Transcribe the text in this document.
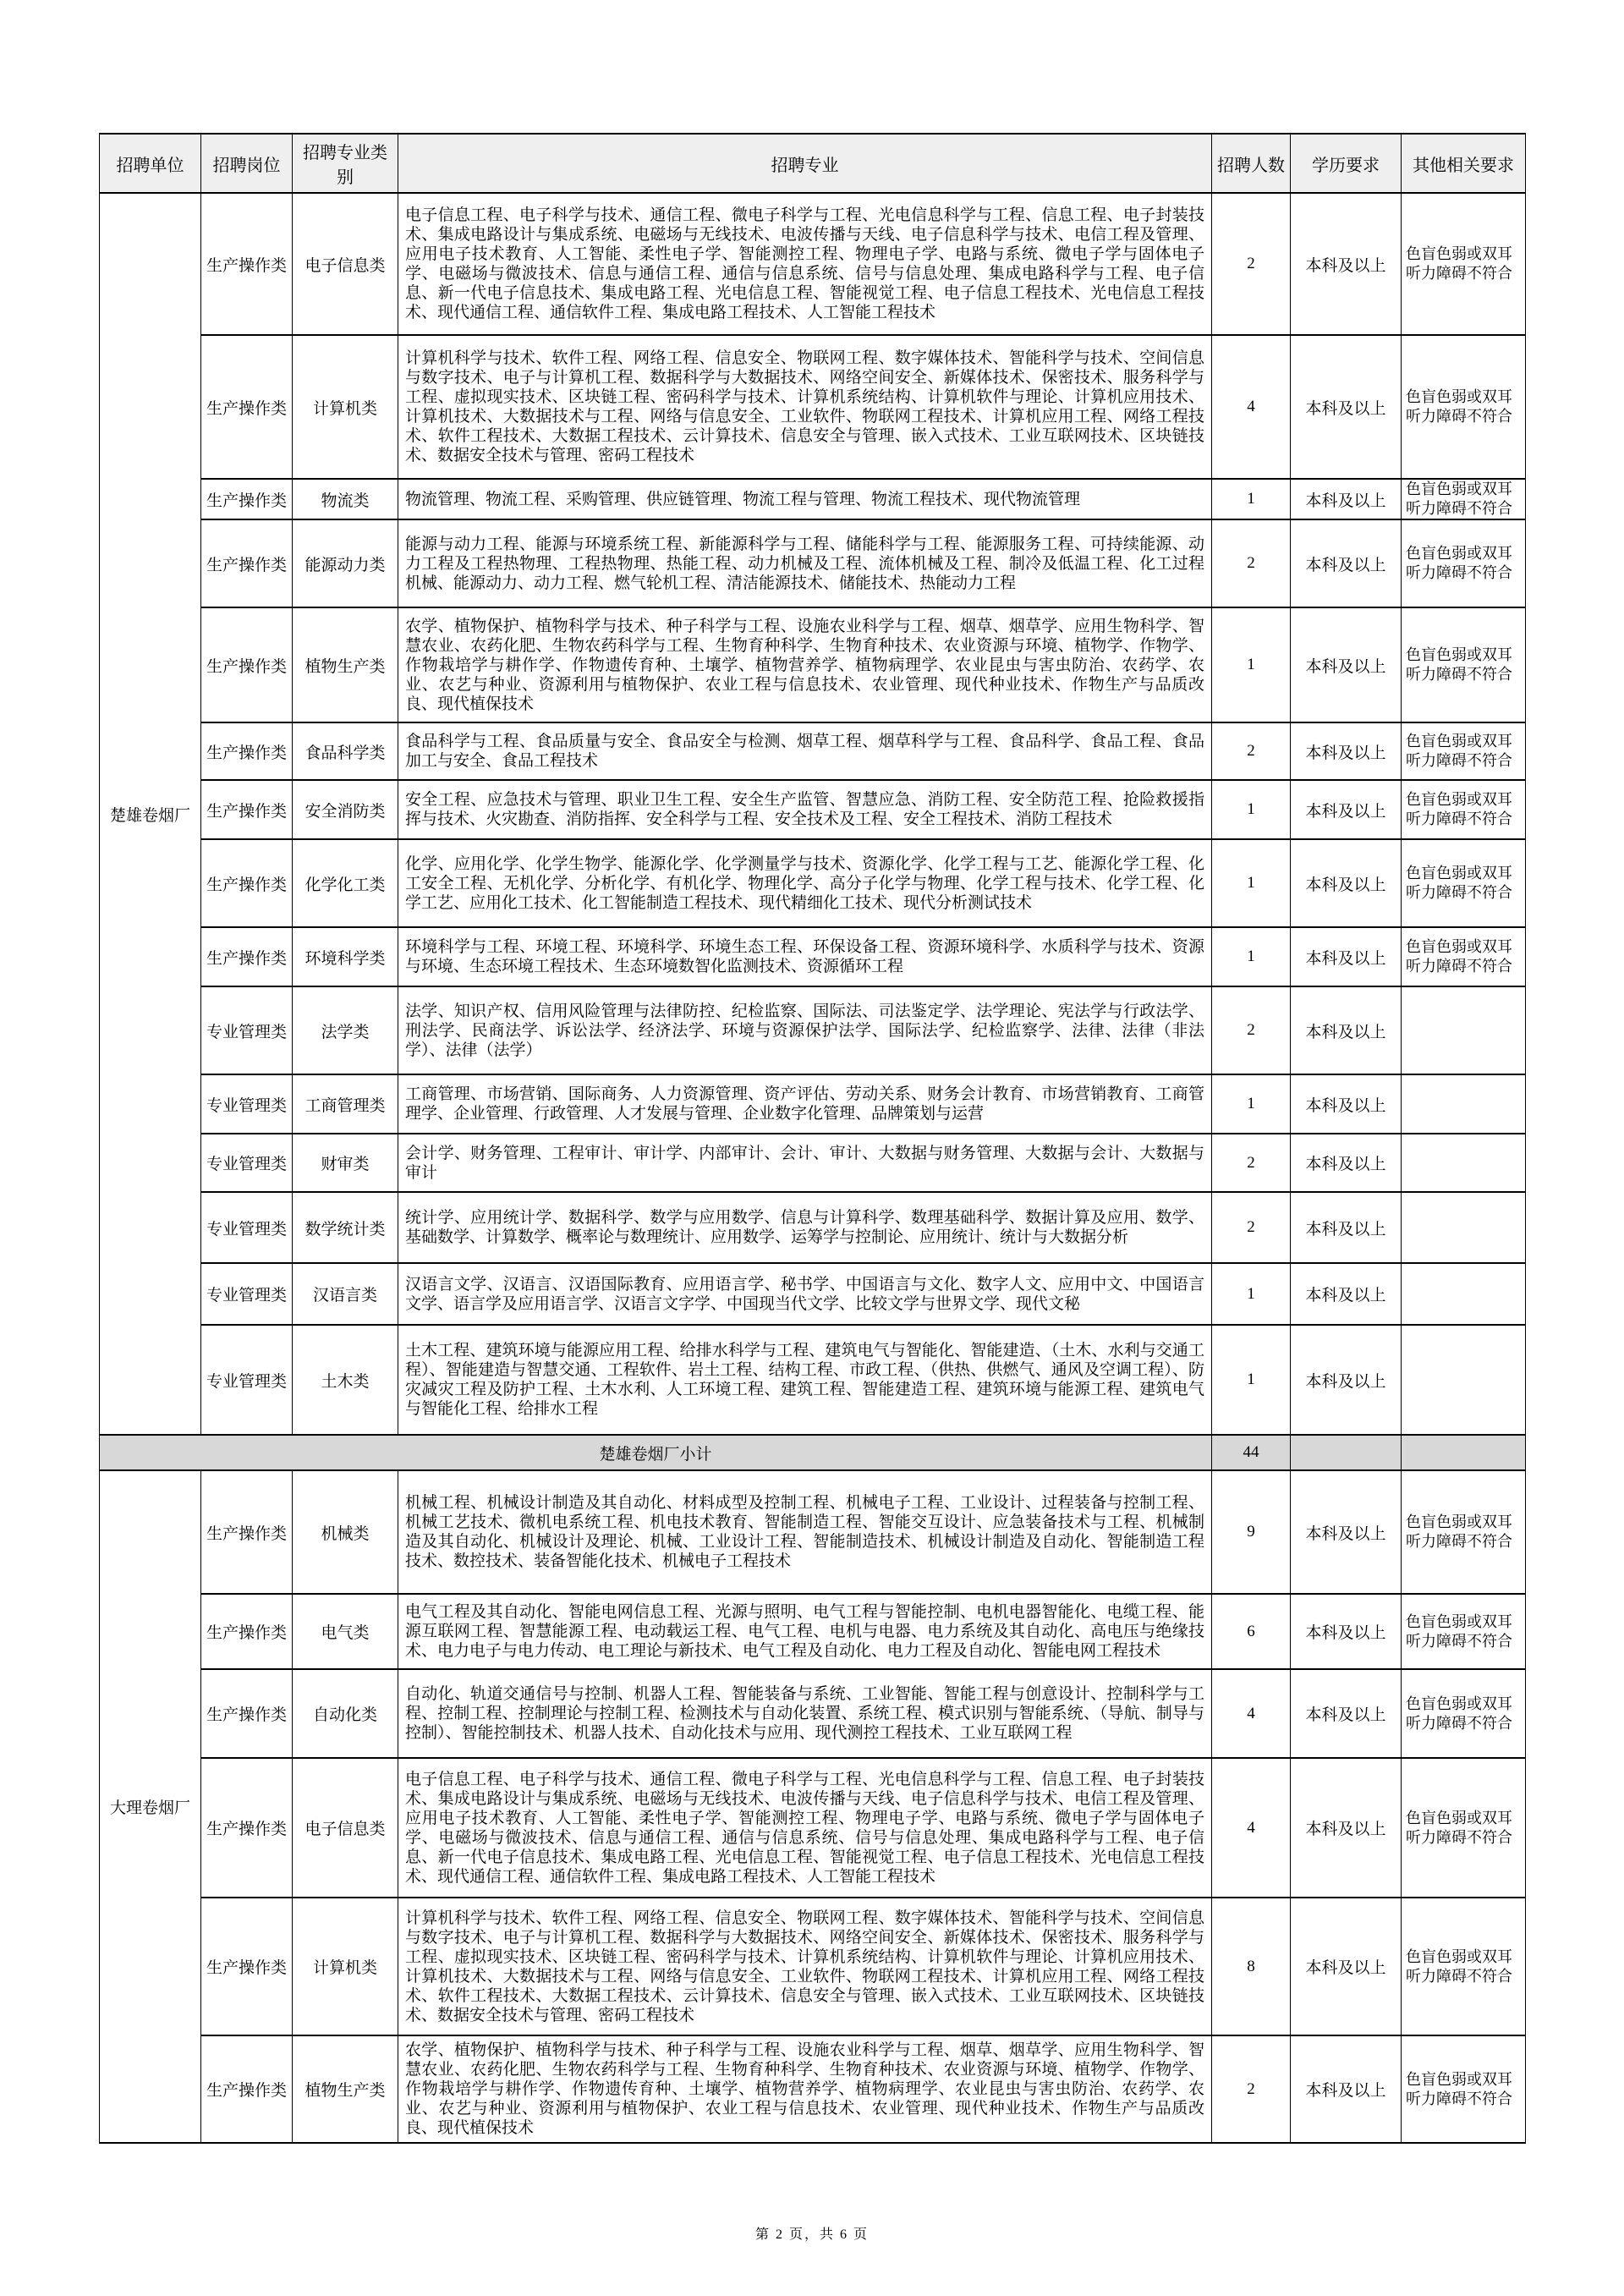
招聘单位	招聘岗位	招聘专业类别	招聘专业	招聘人数	学历要求	其他相关要求
楚雄卷烟厂	生产操作类	电子信息类	电子信息工程、电子科学与技术、通信工程、微电子科学与工程、光电信息科学与工程、信息工程、电子封装技术、集成电路设计与集成系统、电磁场与无线技术、电波传播与天线、电子信息科学与技术、电信工程及管理、应用电子技术教育、人工智能、柔性电子学、智能测控工程、物理电子学、电路与系统、微电子学与固体电子学、电磁场与微波技术、信息与通信工程、通信与信息系统、信号与信息处理、集成电路科学与工程、电子信息、新一代电子信息技术、集成电路工程、光电信息工程、智能视觉工程、电子信息工程技术、光电信息工程技术、现代通信工程、通信软件工程、集成电路工程技术、人工智能工程技术	2	本科及以上	色盲色弱或双耳听力障碍不符合
	生产操作类	计算机类	计算机科学与技术、软件工程、网络工程、信息安全、物联网工程、数字媒体技术、智能科学与技术、空间信息与数字技术、电子与计算机工程、数据科学与大数据技术、网络空间安全、新媒体技术、保密技术、服务科学与工程、虚拟现实技术、区块链工程、密码科学与技术、计算机系统结构、计算机软件与理论、计算机应用技术、计算机技术、大数据技术与工程、网络与信息安全、工业软件、物联网工程技术、计算机应用工程、网络工程技术、软件工程技术、大数据工程技术、云计算技术、信息安全与管理、嵌入式技术、工业互联网技术、区块链技术、数据安全技术与管理、密码工程技术	4	本科及以上	色盲色弱或双耳听力障碍不符合
	生产操作类	物流类	物流管理、物流工程、采购管理、供应链管理、物流工程与管理、物流工程技术、现代物流管理	1	本科及以上	色盲色弱或双耳听力障碍不符合
	生产操作类	能源动力类	能源与动力工程、能源与环境系统工程、新能源科学与工程、储能科学与工程、能源服务工程、可持续能源、动力工程及工程热物理、工程热物理、热能工程、动力机械及工程、流体机械及工程、制冷及低温工程、化工过程机械、能源动力、动力工程、燃气轮机工程、清洁能源技术、储能技术、热能动力工程	2	本科及以上	色盲色弱或双耳听力障碍不符合
	生产操作类	植物生产类	农学、植物保护、植物科学与技术、种子科学与工程、设施农业科学与工程、烟草、烟草学、应用生物科学、智慧农业、农药化肥、生物农药科学与工程、生物育种科学、生物育种技术、农业资源与环境、植物学、作物学、作物栽培学与耕作学、作物遗传育种、土壤学、植物营养学、植物病理学、农业昆虫与害虫防治、农药学、农业、农艺与种业、资源利用与植物保护、农业工程与信息技术、农业管理、现代种业技术、作物生产与品质改良、现代植保技术	1	本科及以上	色盲色弱或双耳听力障碍不符合
	生产操作类	食品科学类	食品科学与工程、食品质量与安全、食品安全与检测、烟草工程、烟草科学与工程、食品科学、食品工程、食品加工与安全、食品工程技术	2	本科及以上	色盲色弱或双耳听力障碍不符合
	生产操作类	安全消防类	安全工程、应急技术与管理、职业卫生工程、安全生产监管、智慧应急、消防工程、安全防范工程、抢险救援指挥与技术、火灾勘查、消防指挥、安全科学与工程、安全技术及工程、安全工程技术、消防工程技术	1	本科及以上	色盲色弱或双耳听力障碍不符合
	生产操作类	化学化工类	化学、应用化学、化学生物学、能源化学、化学测量学与技术、资源化学、化学工程与工艺、能源化学工程、化工安全工程、无机化学、分析化学、有机化学、物理化学、高分子化学与物理、化学工程与技术、化学工程、化学工艺、应用化工技术、化工智能制造工程技术、现代精细化工技术、现代分析测试技术	1	本科及以上	色盲色弱或双耳听力障碍不符合
	生产操作类	环境科学类	环境科学与工程、环境工程、环境科学、环境生态工程、环保设备工程、资源环境科学、水质科学与技术、资源与环境、生态环境工程技术、生态环境数智化监测技术、资源循环工程	1	本科及以上	色盲色弱或双耳听力障碍不符合
	专业管理类	法学类	法学、知识产权、信用风险管理与法律防控、纪检监察、国际法、司法鉴定学、法学理论、宪法学与行政法学、刑法学、民商法学、诉讼法学、经济法学、环境与资源保护法学、国际法学、纪检监察学、法律、法律（非法学）、法律（法学）	2	本科及以上	
	专业管理类	工商管理类	工商管理、市场营销、国际商务、人力资源管理、资产评估、劳动关系、财务会计教育、市场营销教育、工商管理学、企业管理、行政管理、人才发展与管理、企业数字化管理、品牌策划与运营	1	本科及以上	
	专业管理类	财审类	会计学、财务管理、工程审计、审计学、内部审计、会计、审计、大数据与财务管理、大数据与会计、大数据与审计	2	本科及以上	
	专业管理类	数学统计类	统计学、应用统计学、数据科学、数学与应用数学、信息与计算科学、数理基础科学、数据计算及应用、数学、基础数学、计算数学、概率论与数理统计、应用数学、运筹学与控制论、应用统计、统计与大数据分析	2	本科及以上	
	专业管理类	汉语言类	汉语言文学、汉语言、汉语国际教育、应用语言学、秘书学、中国语言与文化、数字人文、应用中文、中国语言文学、语言学及应用语言学、汉语言文字学、中国现当代文学、比较文学与世界文学、现代文秘	1	本科及以上	
	专业管理类	土木类	土木工程、建筑环境与能源应用工程、给排水科学与工程、建筑电气与智能化、智能建造、（土木、水利与交通工程）、智能建造与智慧交通、工程软件、岩土工程、结构工程、市政工程、（供热、供燃气、通风及空调工程）、防灾减灾工程及防护工程、土木水利、人工环境工程、建筑工程、智能建造工程、建筑环境与能源工程、建筑电气与智能化工程、给排水工程	1	本科及以上	
楚雄卷烟厂小计				44		
大理卷烟厂	生产操作类	机械类	机械工程、机械设计制造及其自动化、材料成型及控制工程、机械电子工程、工业设计、过程装备与控制工程、机械工艺技术、微机电系统工程、机电技术教育、智能制造工程、智能交互设计、应急装备技术与工程、机械制造及其自动化、机械设计及理论、机械、工业设计工程、智能制造技术、机械设计制造及自动化、智能制造工程技术、数控技术、装备智能化技术、机械电子工程技术	9	本科及以上	色盲色弱或双耳听力障碍不符合
	生产操作类	电气类	电气工程及其自动化、智能电网信息工程、光源与照明、电气工程与智能控制、电机电器智能化、电缆工程、能源互联网工程、智慧能源工程、电动载运工程、电气工程、电机与电器、电力系统及其自动化、高电压与绝缘技术、电力电子与电力传动、电工理论与新技术、电气工程及自动化、电力工程及自动化、智能电网工程技术	6	本科及以上	色盲色弱或双耳听力障碍不符合
	生产操作类	自动化类	自动化、轨道交通信号与控制、机器人工程、智能装备与系统、工业智能、智能工程与创意设计、控制科学与工程、控制工程、控制理论与控制工程、检测技术与自动化装置、系统工程、模式识别与智能系统、（导航、制导与控制）、智能控制技术、机器人技术、自动化技术与应用、现代测控工程技术、工业互联网工程	4	本科及以上	色盲色弱或双耳听力障碍不符合
	生产操作类	电子信息类	电子信息工程、电子科学与技术、通信工程、微电子科学与工程、光电信息科学与工程、信息工程、电子封装技术、集成电路设计与集成系统、电磁场与无线技术、电波传播与天线、电子信息科学与技术、电信工程及管理、应用电子技术教育、人工智能、柔性电子学、智能测控工程、物理电子学、电路与系统、微电子学与固体电子学、电磁场与微波技术、信息与通信工程、通信与信息系统、信号与信息处理、集成电路科学与工程、电子信息、新一代电子信息技术、集成电路工程、光电信息工程、智能视觉工程、电子信息工程技术、光电信息工程技术、现代通信工程、通信软件工程、集成电路工程技术、人工智能工程技术	4	本科及以上	色盲色弱或双耳听力障碍不符合
	生产操作类	计算机类	计算机科学与技术、软件工程、网络工程、信息安全、物联网工程、数字媒体技术、智能科学与技术、空间信息与数字技术、电子与计算机工程、数据科学与大数据技术、网络空间安全、新媒体技术、保密技术、服务科学与工程、虚拟现实技术、区块链工程、密码科学与技术、计算机系统结构、计算机软件与理论、计算机应用技术、计算机技术、大数据技术与工程、网络与信息安全、工业软件、物联网工程技术、计算机应用工程、网络工程技术、软件工程技术、大数据工程技术、云计算技术、信息安全与管理、嵌入式技术、工业互联网技术、区块链技术、数据安全技术与管理、密码工程技术	8	本科及以上	色盲色弱或双耳听力障碍不符合
	生产操作类	植物生产类	农学、植物保护、植物科学与技术、种子科学与工程、设施农业科学与工程、烟草、烟草学、应用生物科学、智慧农业、农药化肥、生物农药科学与工程、生物育种科学、生物育种技术、农业资源与环境、植物学、作物学、作物栽培学与耕作学、作物遗传育种、土壤学、植物营养学、植物病理学、农业昆虫与害虫防治、农药学、农业、农艺与种业、资源利用与植物保护、农业工程与信息技术、农业管理、现代种业技术、作物生产与品质改良、现代植保技术	2	本科及以上	色盲色弱或双耳听力障碍不符合
第 2 页，共 6 页
